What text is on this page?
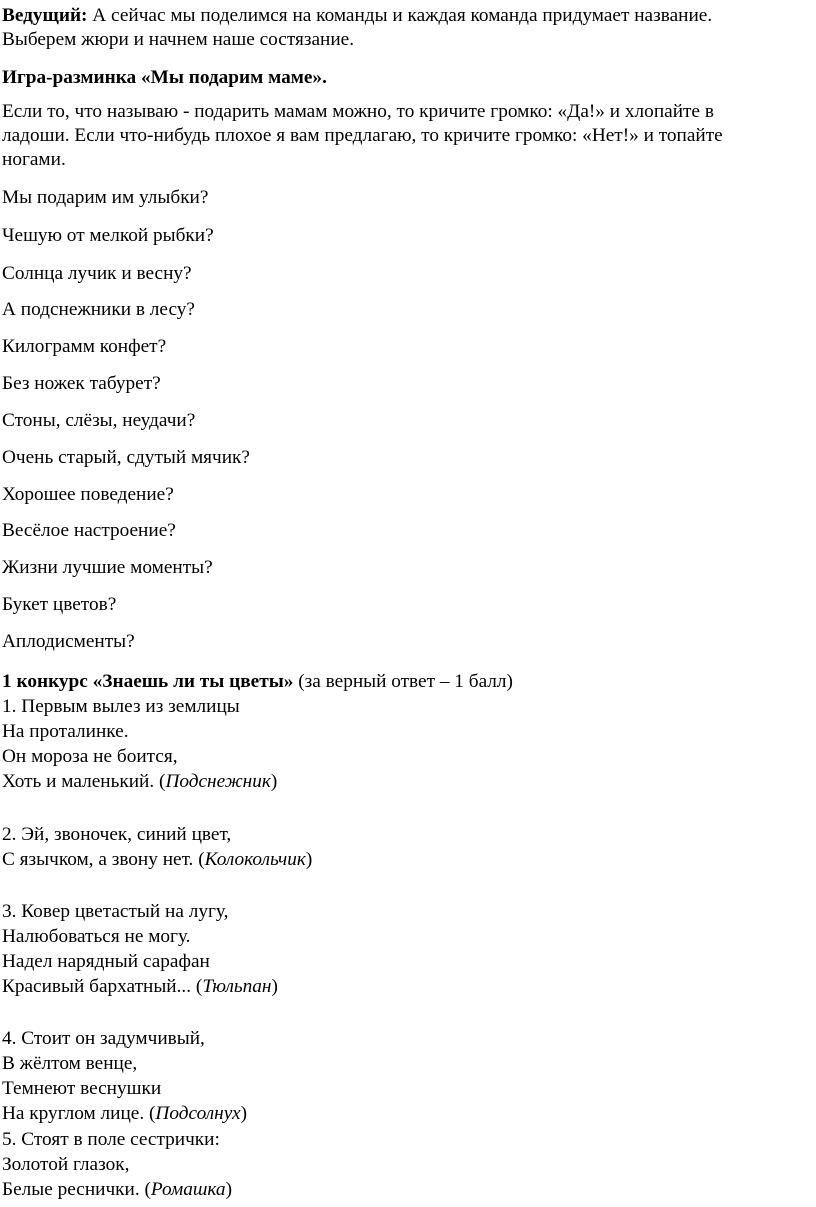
Ведущий: А сейчас мы поделимся на команды и каждая команда придумает название.
Выберем жюри и начнем наше состязание.
Игра-разминка «Мы подарим маме».
Если то, что называю - подарить мамам можно, то кричите громко: «Да!» и хлопайте в
ладоши. Если что-нибудь плохое я вам предлагаю, то кричите громко: «Нет!» и топайте
ногами.
Мы подарим им улыбки?
Чешую от мелкой рыбки?
Солнца лучик и весну?
А подснежники в лесу?
Килограмм конфет?
Без ножек табурет?
Стоны, слёзы, неудачи?
Очень старый, сдутый мячик?
Хорошее поведение?
Весёлое настроение?
Жизни лучшие моменты?
Букет цветов?
Аплодисменты?
1 конкурс «Знаешь ли ты цветы» (за верный ответ – 1 балл)
1. Первым вылез из землицы
На проталинке.
Он мороза не боится,
Хоть и маленький. (Подснежник)
2. Эй, звоночек, синий цвет,
С язычком, а звону нет. (Колокольчик)
3. Ковер цветастый на лугу,
Налюбоваться не могу.
Надел нарядный сарафан
Красивый бархатный... (Тюльпан)
4. Стоит он задумчивый,
В жёлтом венце,
Темнеют веснушки
На круглом лице. (Подсолнух)
5. Стоят в поле сестрички:
Золотой глазок,
Белые реснички. (Ромашка)
